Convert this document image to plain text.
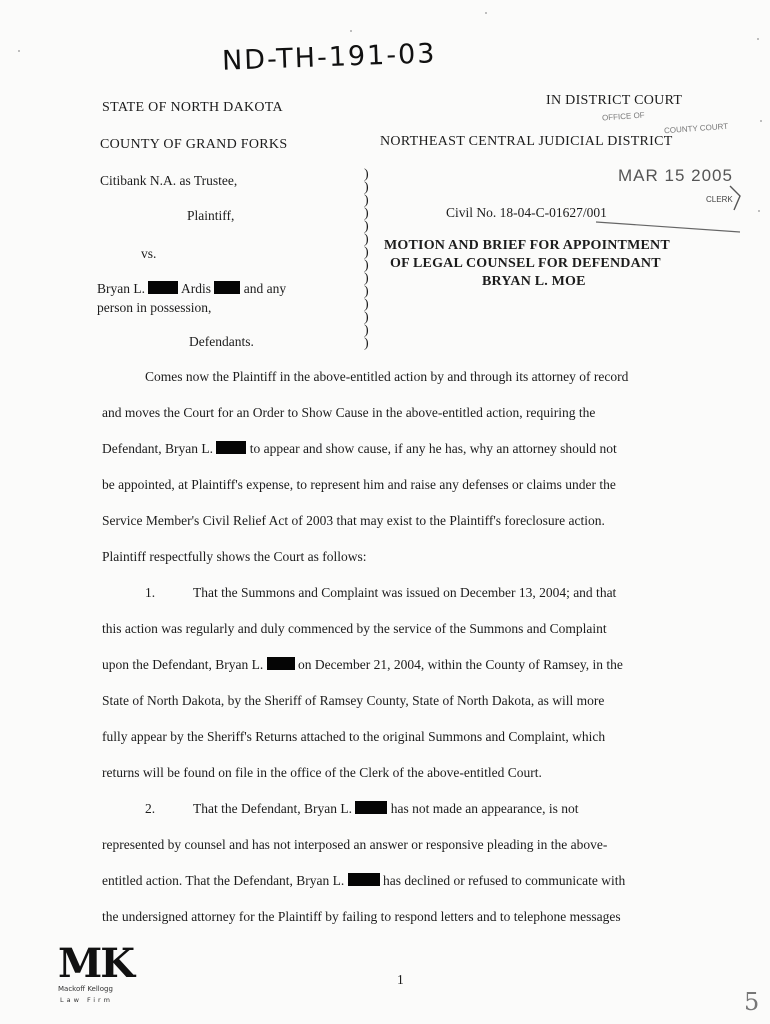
ND-TH-191-03
STATE OF NORTH DAKOTA
COUNTY OF GRAND FORKS
IN DISTRICT COURT
NORTHEAST CENTRAL JUDICIAL DISTRICT
Citibank N.A. as Trustee,
Plaintiff,
vs.
Bryan L.	Ardis and any
person in possession,
Defendants.
)
)
)
)
)
)
)
)
)
)
)
)
)
)
Civil No. 18-04-C-01627/001
MOTION AND BRIEF FOR APPOINTMENT
OF LEGAL COUNSEL FOR DEFENDANT
BRYAN L. MOE
OFFICE OF
COUNTY COURT
MAR 15 2005
CLERK
Comes now the Plaintiff in the above-entitled action by and through its attorney of record
and moves the Court for an Order to Show Cause in the above-entitled action, requiring the
Defendant, Bryan L.	to appear and show cause, if any he has, why an attorney should not
be appointed, at Plaintiff's expense, to represent him and raise any defenses or claims under the
Service Member's Civil Relief Act of 2003 that may exist to the Plaintiff's foreclosure action.
Plaintiff respectfully shows the Court as follows:
1.	That the Summons and Complaint was issued on December 13, 2004; and that
this action was regularly and duly commenced by the service of the Summons and Complaint
upon the Defendant, Bryan L.	on December 21, 2004, within the County of Ramsey, in the
State of North Dakota, by the Sheriff of Ramsey County, State of North Dakota, as will more
fully appear by the Sheriff's Returns attached to the original Summons and Complaint, which
returns will be found on file in the office of the Clerk of the above-entitled Court.
2.	That the Defendant, Bryan L.	has not made an appearance, is not
represented by counsel and has not interposed an answer or responsive pleading in the above-
entitled action. That the Defendant, Bryan L.	has declined or refused to communicate with
the undersigned attorney for the Plaintiff by failing to respond letters and to telephone messages
MK
Mackoff Kellogg
Law Firm
1
5
